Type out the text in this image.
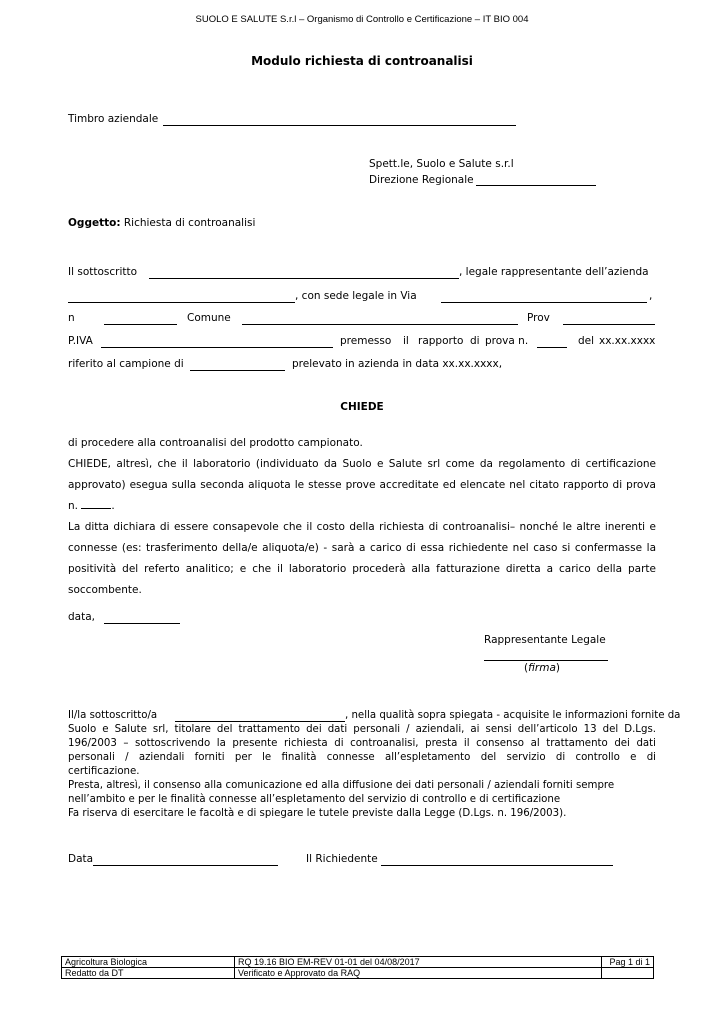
SUOLO E SALUTE S.r.l – Organismo di Controllo e Certificazione – IT BIO 004
Modulo richiesta di controanalisi
Timbro aziendale
Spett.le, Suolo e Salute s.r.l
Direzione Regionale
Oggetto: Richiesta di controanalisi
Il sottoscritto	, legale rappresentante dell’azienda
, con sede legale in Via	,
n	Comune	Prov
P.IVA	premesso il rapporto di prova n.	del xx.xx.xxxx
riferito al campione di	prelevato in azienda in data xx.xx.xxxx,
CHIEDE
di procedere alla controanalisi del prodotto campionato.
CHIEDE, altresì, che il laboratorio (individuato da Suolo e Salute srl come da regolamento di certificazione
approvato) esegua sulla seconda aliquota le stesse prove accreditate ed elencate nel citato rapporto di prova
n.	.
La ditta dichiara di essere consapevole che il costo della richiesta di controanalisi– nonché le altre inerenti e
connesse (es: trasferimento della/e aliquota/e) - sarà a carico di essa richiedente nel caso si confermasse la
positività del referto analitico; e che il laboratorio procederà alla fatturazione diretta a carico della parte
soccombente.
data,
Rappresentante Legale
(firma)
Il/la sottoscritto/a	, nella qualità sopra spiegata - acquisite le informazioni fornite da
Suolo e Salute srl, titolare del trattamento dei dati personali / aziendali, ai sensi dell’articolo 13 del D.Lgs.
196/2003 – sottoscrivendo la presente richiesta di controanalisi, presta il consenso al trattamento dei dati
personali / aziendali forniti per le finalità connesse all’espletamento del servizio di controllo e di
certificazione.
Presta, altresì, il consenso alla comunicazione ed alla diffusione dei dati personali / aziendali forniti sempre
nell’ambito e per le finalità connesse all’espletamento del servizio di controllo e di certificazione
Fa riserva di esercitare le facoltà e di spiegare le tutele previste dalla Legge (D.Lgs. n. 196/2003).
Data	Il Richiedente
Agricoltura Biologica	RQ 19.16 BIO EM-REV 01-01 del 04/08/2017	Pag 1 di 1
Redatto da DT	Verificato e Approvato da RAQ	
